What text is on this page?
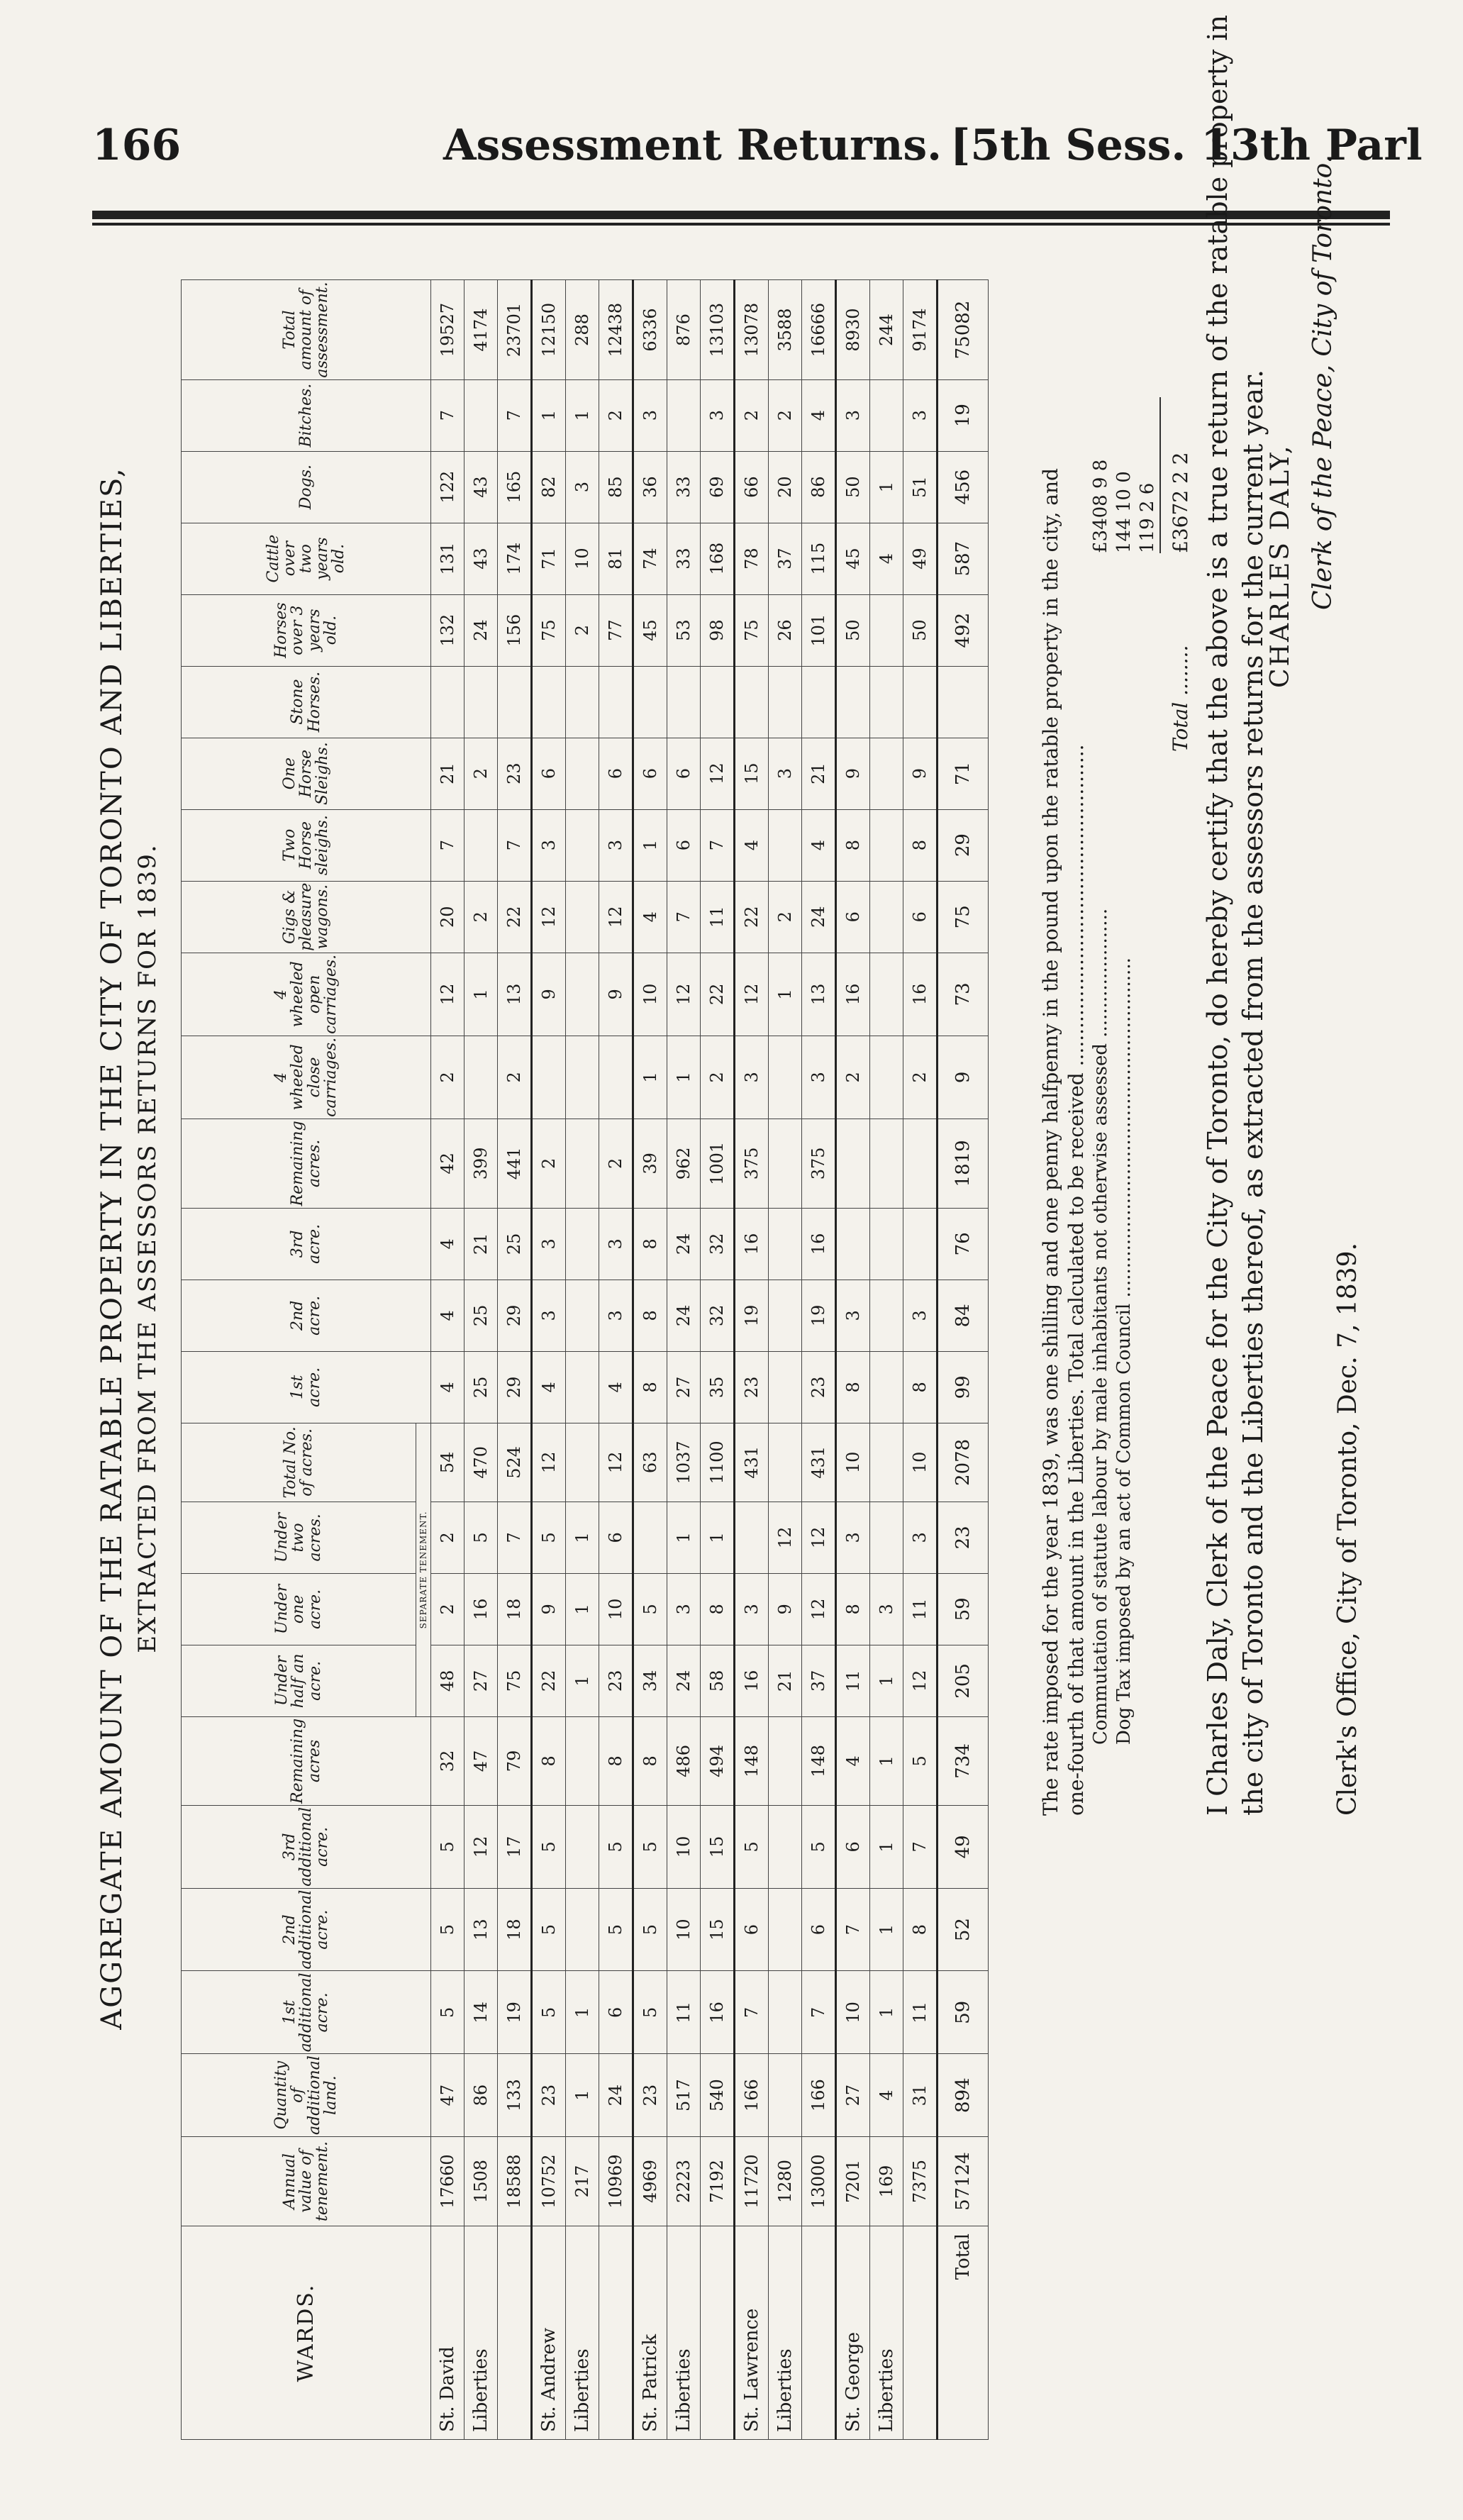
166	Assessment Returns. [5th Sess. 13th Parl
AGGREGATE AMOUNT OF THE RATABLE PROPERTY IN THE CITY OF TORONTO AND LIBERTIES, EXTRACTED FROM THE ASSESSORS RETURNS FOR 1839.
WARDS.	Annual value of tenement.	Quantity of additional land.	1st additional acre.	2nd additional acre.	3rd additional acre.	Remaining acres	Under half an acre.	Under one acre.	Under two acres.	Total No. of acres.	1st acre.	2nd acre.	3rd acre.	Remaining acres.	4 wheeled close carriages.	4 wheeled open carriages.	Gigs & pleasure wagons.	Two Horse sleighs.	One Horse Sleighs.	Stone Horses.	Horses over 3 years old.	Cattle over two years old.	Dogs.	Bitches.	Total amount of assessment.

							SEPARATE TENEMENT.																		
St. David	17660	47	5	5	5	32	48	2	2	54	4	4	4	42	2	12	20	7	21		132	131	122	7	19527
Liberties	1508	86	14	13	12	47	27	16	5	470	25	25	21	399		1	2		2		24	43	43		4174
	18588	133	19	18	17	79	75	18	7	524	29	29	25	441	2	13	22	7	23		156	174	165	7	23701
St. Andrew	10752	23	5	5	5	8	22	9	5	12	4	3	3	2		9	12	3	6		75	71	82	1	12150
Liberties	217	1	1				1	1	1												2	10	3	1	288
	10969	24	6	5	5	8	23	10	6	12	4	3	3	2		9	12	3	6		77	81	85	2	12438
St. Patrick	4969	23	5	5	5	8	34	5		63	8	8	8	39	1	10	4	1	6		45	74	36	3	6336
Liberties	2223	517	11	10	10	486	24	3	1	1037	27	24	24	962	1	12	7	6	6		53	33	33		876
	7192	540	16	15	15	494	58	8	1	1100	35	32	32	1001	2	22	11	7	12		98	168	69	3	13103
St. Lawrence	11720	166	7	6	5	148	16	3		431	23	19	16	375	3	12	22	4	15		75	78	66	2	13078
Liberties	1280						21	9	12							1	2		3		26	37	20	2	3588
	13000	166	7	6	5	148	37	12	12	431	23	19	16	375	3	13	24	4	21		101	115	86	4	16666
St. George	7201	27	10	7	6	4	11	8	3	10	8	3			2	16	6	8	9		50	45	50	3	8930
Liberties	169	4	1	1	1	1	1	3														4	1		244
	7375	31	11	8	7	5	12	11	3	10	8	3			2	16	6	8	9		50	49	51	3	9174
Total	57124	894	59	52	49	734	205	59	23	2078	99	84	76	1819	9	73	75	29	71		492	587	456	19	75082
The rate imposed for the year 1839, was one shilling and one penny halfpenny in the pound upon the ratable property in the city, and one-fourth of that amount in the Liberties. Total calculated to be received ................................................... Commutation of statute labour by male inhabitants not otherwise assessed ...................... Dog Tax imposed by an act of Common Council ..........................................................
£3408 9 8 144 10 0 119 2 6
Total ........
£3672 2 2 I Charles Daly, Clerk of the Peace for the City of Toronto, do hereby certify that the above is a true return of the ratable property in the city of Toronto and the Liberties thereof, as extracted from the assessors returns for the current year.
CHARLES DALY, Clerk of the Peace, City of Toronto.
Clerk's Office, City of Toronto, Dec. 7, 1839.
